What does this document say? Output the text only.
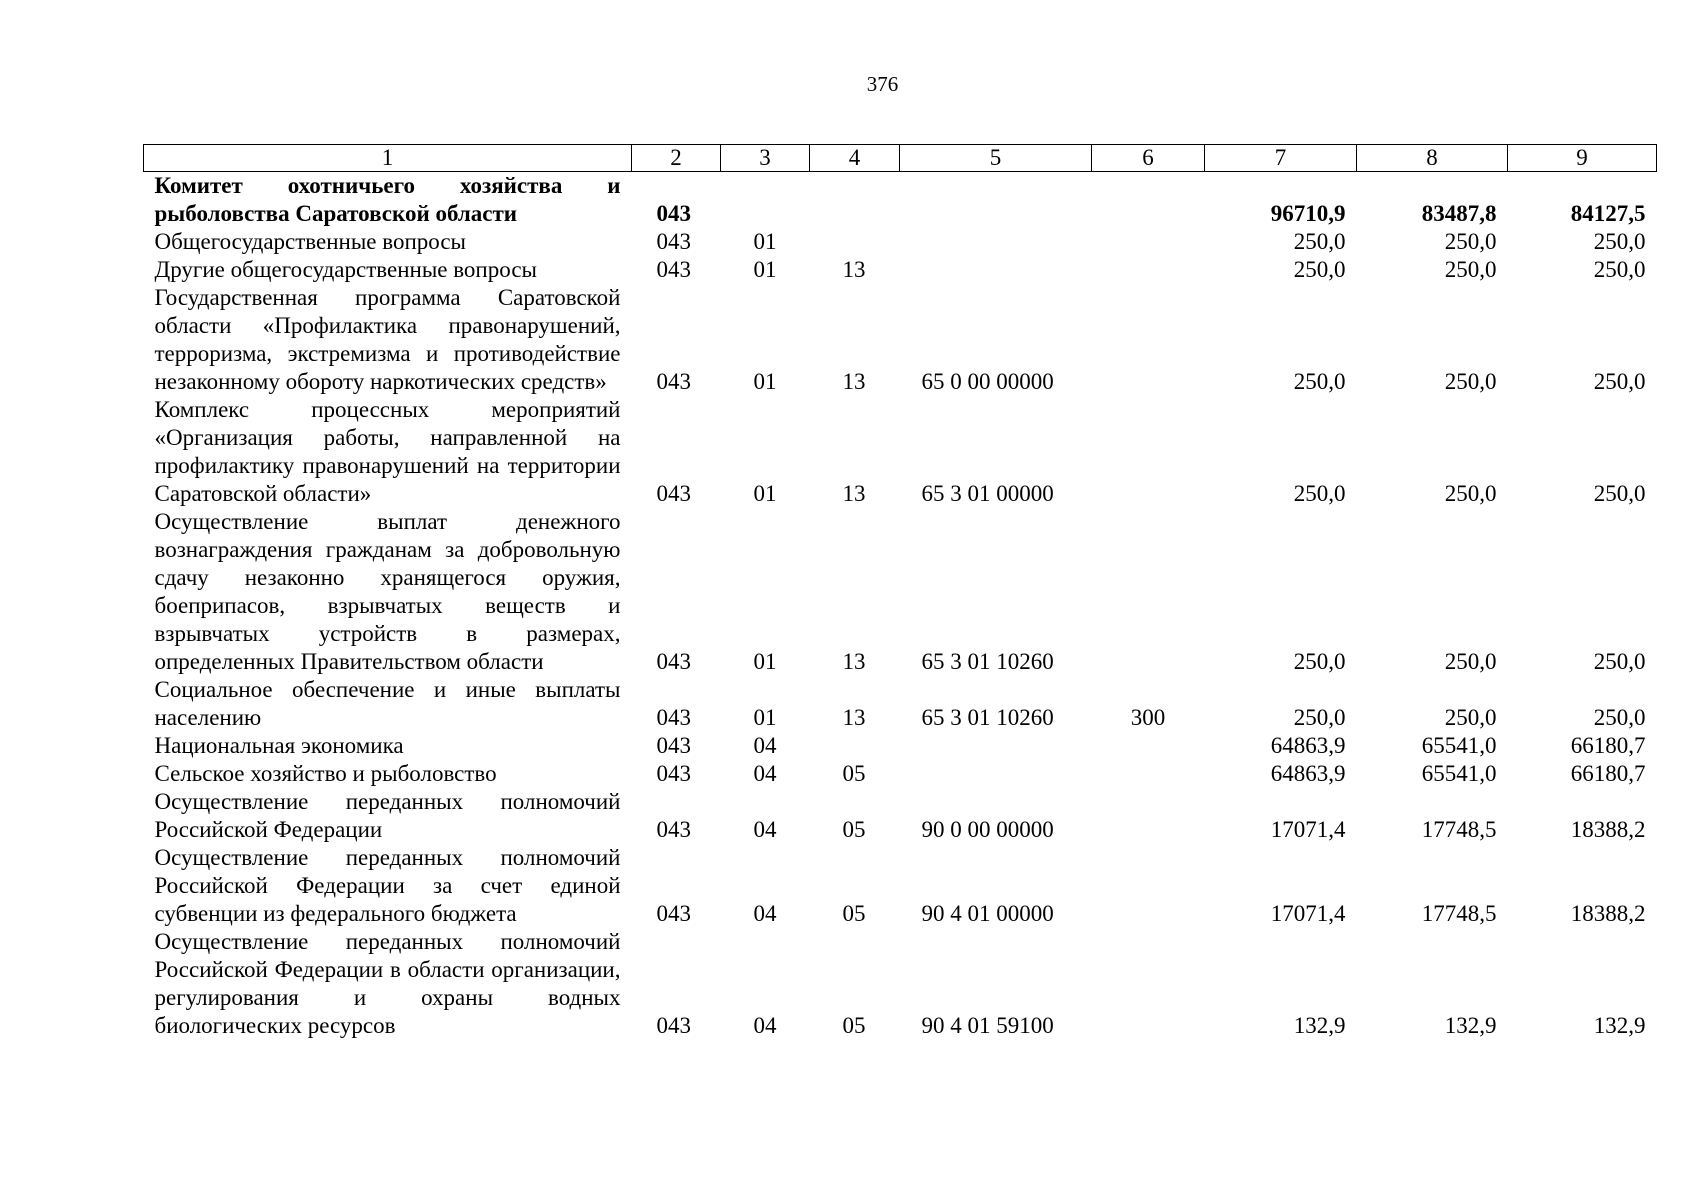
376
1	2	3	4	5	6	7	8	9
Комитет охотничьего хозяйства и рыболовства Саратовской области	043					96710,9	83487,8	84127,5
Общегосударственные вопросы	043	01				250,0	250,0	250,0
Другие общегосударственные вопросы	043	01	13			250,0	250,0	250,0
Государственная программа Саратовской области «Профилактика правонарушений, терроризма, экстремизма и противодействие незаконному обороту наркотических средств»	043	01	13	65 0 00 00000		250,0	250,0	250,0
Комплекс процессных мероприятий «Организация работы, направленной на профилактику правонарушений на территории Саратовской области»	043	01	13	65 3 01 00000		250,0	250,0	250,0
Осуществление выплат денежного вознаграждения гражданам за добровольную сдачу незаконно хранящегося оружия, боеприпасов, взрывчатых веществ и взрывчатых устройств в размерах, определенных Правительством области	043	01	13	65 3 01 10260		250,0	250,0	250,0
Социальное обеспечение и иные выплаты населению	043	01	13	65 3 01 10260	300	250,0	250,0	250,0
Национальная экономика	043	04				64863,9	65541,0	66180,7
Сельское хозяйство и рыболовство	043	04	05			64863,9	65541,0	66180,7
Осуществление переданных полномочий Российской Федерации	043	04	05	90 0 00 00000		17071,4	17748,5	18388,2
Осуществление переданных полномочий Российской Федерации за счет единой субвенции из федерального бюджета	043	04	05	90 4 01 00000		17071,4	17748,5	18388,2
Осуществление переданных полномочий Российской Федерации в области организации, регулирования и охраны водных биологических ресурсов	043	04	05	90 4 01 59100		132,9	132,9	132,9
